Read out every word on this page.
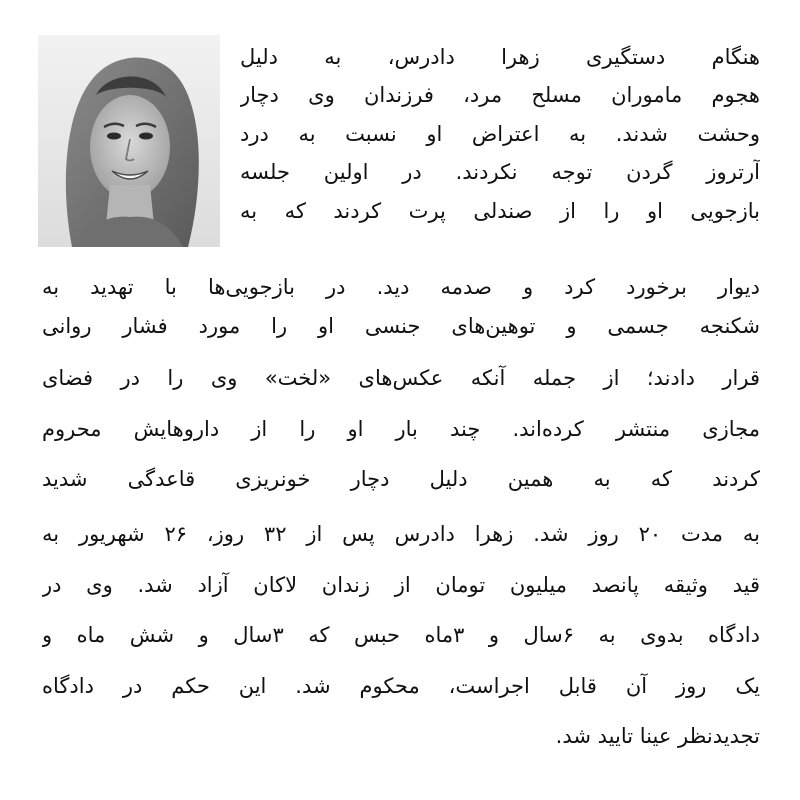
هنگام دستگیری زهرا دادرس، به دلیل
هجوم ماموران مسلح مرد، فرزندان وی دچار
وحشت شدند. به اعتراض او نسبت به درد
آرتروز گردن توجه نکردند. در اولین جلسه
بازجویی او را از صندلی پرت کردند که به
دیوار برخورد کرد و صدمه دید. در بازجویی‌ها با تهدید به
شکنجه جسمی و توهین‌های جنسی او را مورد فشار روانی
قرار دادند؛ از جمله آنکه عکس‌های «لخت» وی را در فضای
مجازی منتشر کرده‌اند. چند بار او را از داروهایش محروم
کردند که به همین دلیل دچار خونریزی قاعدگی شدید
به مدت ۲۰ روز شد. زهرا دادرس پس از ۳۲ روز، ۲۶ شهریور به
قید وثیقه پانصد میلیون تومان از زندان لاکان آزاد شد. وی در
دادگاه بدوی به ۶سال و ۳ماه حبس که ۳سال و شش ماه و
یک روز آن قابل اجراست، محکوم شد. این حکم در دادگاه
تجدیدنظر عینا تایید شد.
